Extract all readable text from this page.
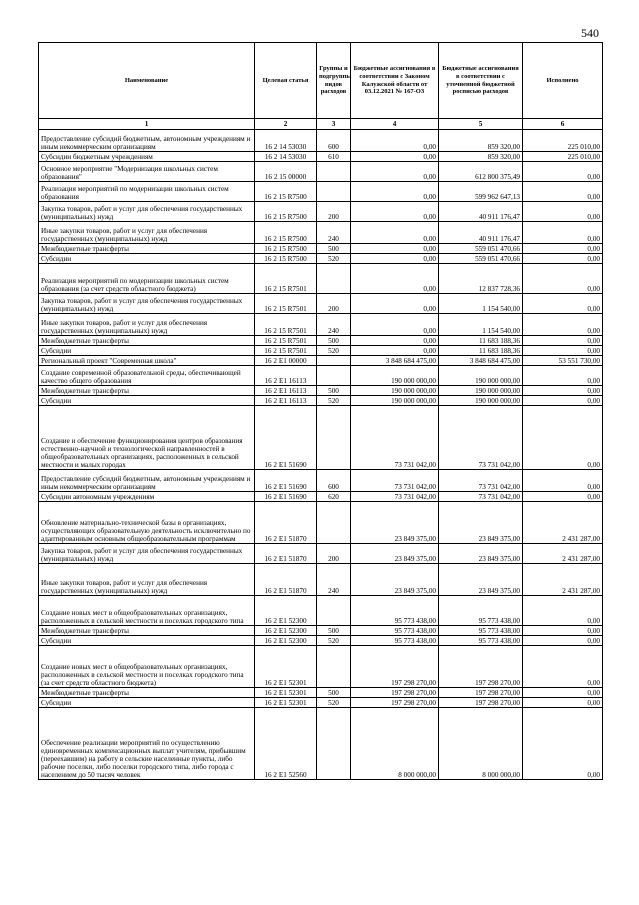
540
Наименование	Целевая статья	Группы и подгруппы видов расходов	Бюджетные ассигнования в соответствии с Законом Калужской области от 03.12.2021 № 167-ОЗ	Бюджетные ассигнования в соответствии с уточненной бюджетной росписью расходов	Исполнено
1	2	3	4	5	6
Предоставление субсидий бюджетным, автономным учреждениям и иным некоммерческим организациям	16 2 14 53030	600	0,00	859 320,00	225 010,00
Субсидии бюджетным учреждениям	16 2 14 53030	610	0,00	859 320,00	225 010,00
Основное мероприятие "Модернизация школьных систем образования"	16 2 15 00000		0,00	612 800 375,49	0,00
Реализация мероприятий по модернизации школьных систем образования	16 2 15 R7500		0,00	599 962 647,13	0,00
Закупка товаров, работ и услуг для обеспечения государственных (муниципальных) нужд	16 2 15 R7500	200	0,00	40 911 176,47	0,00
Иные закупки товаров, работ и услуг для обеспечения государственных (муниципальных) нужд	16 2 15 R7500	240	0,00	40 911 176,47	0,00
Межбюджетные трансферты	16 2 15 R7500	500	0,00	559 051 470,66	0,00
Субсидии	16 2 15 R7500	520	0,00	559 051 470,66	0,00
Реализация мероприятий по модернизации школьных систем образования (за счет средств областного бюджета)	16 2 15 R7501		0,00	12 837 728,36	0,00
Закупка товаров, работ и услуг для обеспечения государственных (муниципальных) нужд	16 2 15 R7501	200	0,00	1 154 540,00	0,00
Иные закупки товаров, работ и услуг для обеспечения государственных (муниципальных) нужд	16 2 15 R7501	240	0,00	1 154 540,00	0,00
Межбюджетные трансферты	16 2 15 R7501	500	0,00	11 683 188,36	0,00
Субсидии	16 2 15 R7501	520	0,00	11 683 188,36	0,00
Региональный проект "Современная школа"	16 2 E1 00000		3 848 684 475,00	3 848 684 475,00	53 551 730,00
Создание современной образовательной среды, обеспечивающей качество общего образования	16 2 E1 16113		190 000 000,00	190 000 000,00	0,00
Межбюджетные трансферты	16 2 E1 16113	500	190 000 000,00	190 000 000,00	0,00
Субсидии	16 2 E1 16113	520	190 000 000,00	190 000 000,00	0,00
Создание и обеспечение функционирования центров образования естественно-научной и технологической направленностей в общеобразовательных организациях, расположенных в сельской местности и малых городах	16 2 E1 51690		73 731 042,00	73 731 042,00	0,00
Предоставление субсидий бюджетным, автономным учреждениям и иным некоммерческим организациям	16 2 E1 51690	600	73 731 042,00	73 731 042,00	0,00
Субсидии автономным учреждениям	16 2 E1 51690	620	73 731 042,00	73 731 042,00	0,00
Обновление материально-технической базы в организациях, осуществляющих образовательную деятельность исключительно по адаптированным основным общеобразовательным программам	16 2 E1 51870		23 849 375,00	23 849 375,00	2 431 287,00
Закупка товаров, работ и услуг для обеспечения государственных (муниципальных) нужд	16 2 E1 51870	200	23 849 375,00	23 849 375,00	2 431 287,00
Иные закупки товаров, работ и услуг для обеспечения государственных (муниципальных) нужд	16 2 E1 51870	240	23 849 375,00	23 849 375,00	2 431 287,00
Создание новых мест в общеобразовательных организациях, расположенных в сельской местности и поселках городского типа	16 2 E1 52300		95 773 438,00	95 773 438,00	0,00
Межбюджетные трансферты	16 2 E1 52300	500	95 773 438,00	95 773 438,00	0,00
Субсидии	16 2 E1 52300	520	95 773 438,00	95 773 438,00	0,00
Создание новых мест в общеобразовательных организациях, расположенных в сельской местности и поселках городского типа (за счет средств областного бюджета)	16 2 E1 52301		197 298 270,00	197 298 270,00	0,00
Межбюджетные трансферты	16 2 E1 52301	500	197 298 270,00	197 298 270,00	0,00
Субсидии	16 2 E1 52301	520	197 298 270,00	197 298 270,00	0,00
Обеспечение реализации мероприятий по осуществлению единовременных компенсационных выплат учителям, прибывшим (переехавшим) на работу в сельские населенные пункты, либо рабочие поселки, либо поселки городского типа, либо города с населением до 50 тысяч человек	16 2 E1 52560		8 000 000,00	8 000 000,00	0,00
